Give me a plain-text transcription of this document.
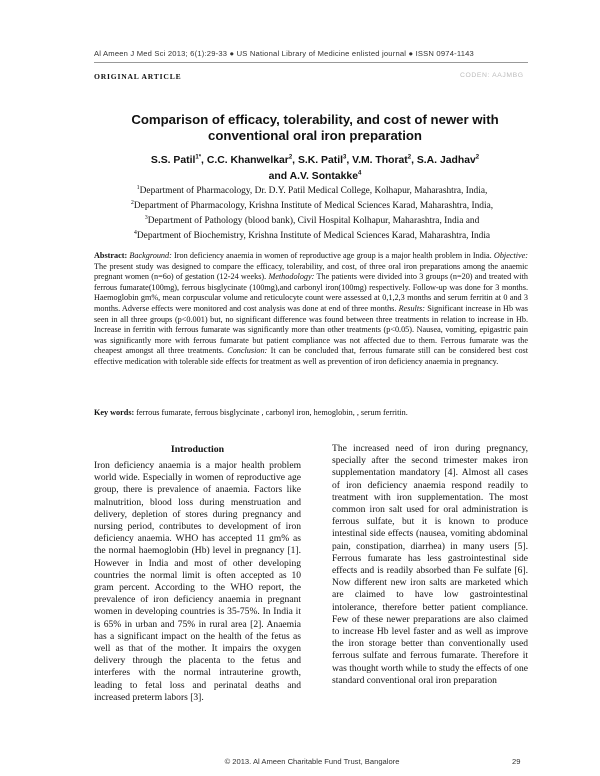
Al Ameen J Med Sci 2013; 6(1):29-33 ● US National Library of Medicine enlisted journal ● ISSN 0974-1143
ORIGINAL ARTICLE	CODEN: AAJMBG
Comparison of efficacy, tolerability, and cost of newer with conventional oral iron preparation
S.S. Patil$^{1*}$, C.C. Khanwelkar$^2$, S.K. Patil$^3$, V.M. Thorat$^2$, S.A. Jadhav$^2$
and A.V. Sontakke$^4$
$^1$Department of Pharmacology, Dr. D.Y. Patil Medical College, Kolhapur, Maharashtra, India,
$^2$Department of Pharmacology, Krishna Institute of Medical Sciences Karad, Maharashtra, India,
$^3$Department of Pathology (blood bank), Civil Hospital Kolhapur, Maharashtra, India and
$^4$Department of Biochemistry, Krishna Institute of Medical Sciences Karad, Maharashtra, India
Abstract: Background: Iron deficiency anaemia in women of reproductive age group is a major health problem in India. Objective: The present study was designed to compare the efficacy, tolerability, and cost, of three oral iron preparations among the anaemic pregnant women (n=6o) of gestation (12-24 weeks). Methodology: The patients were divided into 3 groups (n=20) and treated with ferrous fumarate(100mg), ferrous bisglycinate (100mg),and carbonyl iron(100mg) respectively. Follow-up was done for 3 months. Haemoglobin gm%, mean corpuscular volume and reticulocyte count were assessed at 0,1,2,3 months and serum ferritin at 0 and 3 months. Adverse effects were monitored and cost analysis was done at end of three months. Results: Significant increase in Hb was seen in all three groups (p<0.001) but, no significant difference was found between three treatments in relation to increase in Hb. Increase in ferritin with ferrous fumarate was significantly more than other treatments (p<0.05). Nausea, vomiting, epigastric pain was significantly more with ferrous fumarate but patient compliance was not affected due to them. Ferrous fumarate was the cheapest amongst all three treatments. Conclusion: It can be concluded that, ferrous fumarate still can be considered best cost effective medication with tolerable side effects for treatment as well as prevention of iron deficiency anaemia in pregnancy.
Key words: ferrous fumarate, ferrous bisglycinate , carbonyl iron, hemoglobin, , serum ferritin.
Introduction
Iron deficiency anaemia is a major health problem world wide. Especially in women of reproductive age group, there is prevalence of anaemia. Factors like malnutrition, blood loss during menstruation and delivery, depletion of stores during pregnancy and nursing period, contributes to development of iron deficiency anaemia. WHO has accepted 11 gm% as the normal haemoglobin (Hb) level in pregnancy [1]. However in India and most of other developing countries the normal limit is often accepted as 10 gram percent. According to the WHO report, the prevalence of iron deficiency anaemia in pregnant women in developing countries is 35-75%. In India it is 65% in urban and 75% in rural area [2]. Anaemia has a significant impact on the health of the fetus as well as that of the mother. It impairs the oxygen delivery through the placenta to the fetus and interferes with the normal intrauterine growth, leading to fetal loss and perinatal deaths and increased preterm labors [3].
The increased need of iron during pregnancy, specially after the second trimester makes iron supplementation mandatory [4]. Almost all cases of iron deficiency anaemia respond readily to treatment with iron supplementation. The most common iron salt used for oral administration is ferrous sulfate, but it is known to produce intestinal side effects (nausea, vomiting abdominal pain, constipation, diarrhea) in many users [5]. Ferrous fumarate has less gastrointestinal side effects and is readily absorbed than Fe sulfate [6]. Now different new iron salts are marketed which are claimed to have low gastrointestinal intolerance, therefore better patient compliance. Few of these newer preparations are also claimed to increase Hb level faster and as well as improve the iron storage better than conventionally used ferrous sulfate and ferrous fumarate. Therefore it was thought worth while to study the effects of one standard conventional oral iron preparation
© 2013. Al Ameen Charitable Fund Trust, Bangalore	29
